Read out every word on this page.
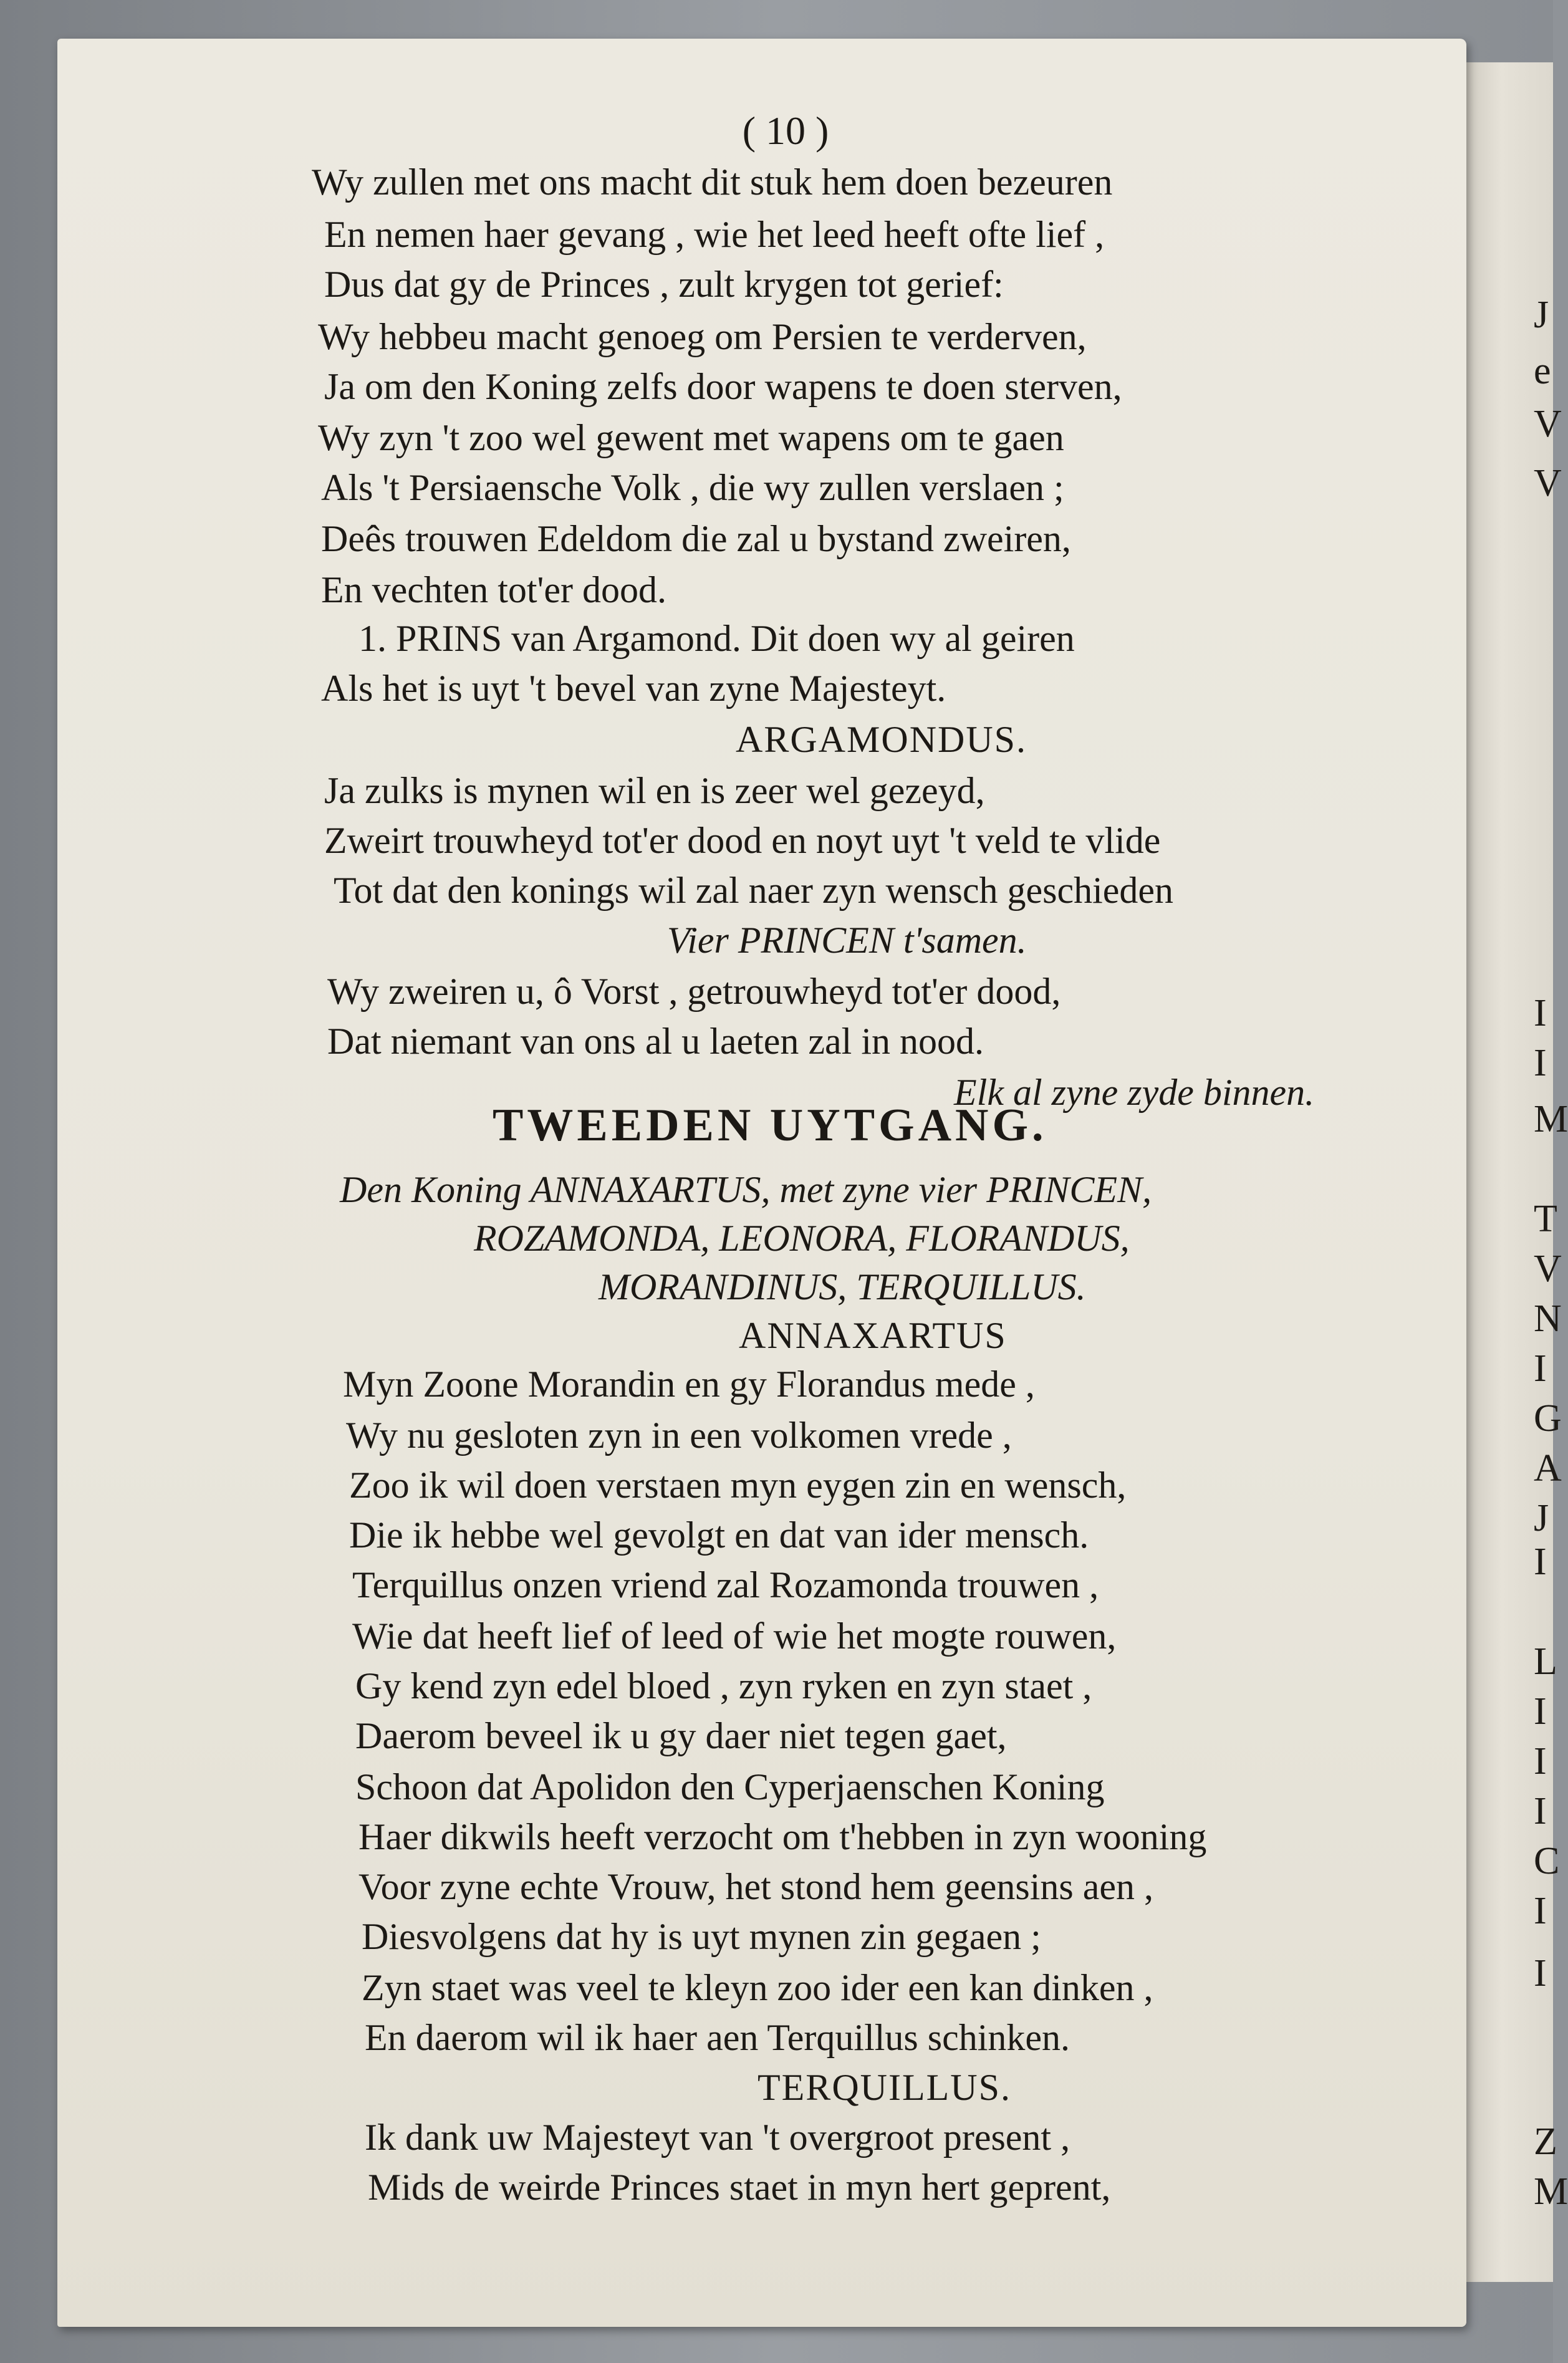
J
e
V
V
I
I
M
T
V
N
I
G
A
J
I
L
I
I
I
C
I
I
Z
M
( 10 )
Wy zullen met ons macht dit stuk hem doen bezeuren
En nemen haer gevang , wie het leed heeft ofte lief ,
Dus dat gy de Princes , zult krygen tot gerief:
Wy hebbeu macht genoeg om Persien te verderven,
Ja om den Koning zelfs door wapens te doen sterven,
Wy zyn 't zoo wel gewent met wapens om te gaen
Als 't Persiaensche Volk , die wy zullen verslaen ;
Deês trouwen Edeldom die zal u bystand zweiren,
En vechten tot'er dood.
1. PRINS van Argamond. Dit doen wy al geiren
Als het is uyt 't bevel van zyne Majesteyt.
ARGAMONDUS.
Ja zulks is mynen wil en is zeer wel gezeyd,
Zweirt trouwheyd tot'er dood en noyt uyt 't veld te vlide
Tot dat den konings wil zal naer zyn wensch geschieden
Vier PRINCEN t'samen.
Wy zweiren u, ô Vorst , getrouwheyd tot'er dood,
Dat niemant van ons al u laeten zal in nood.
Elk al zyne zyde binnen.
TWEEDEN UYTGANG.
Den Koning ANNAXARTUS, met zyne vier PRINCEN,
ROZAMONDA, LEONORA, FLORANDUS,
MORANDINUS, TERQUILLUS.
ANNAXARTUS
Myn Zoone Morandin en gy Florandus mede ,
Wy nu gesloten zyn in een volkomen vrede ,
Zoo ik wil doen verstaen myn eygen zin en wensch,
Die ik hebbe wel gevolgt en dat van ider mensch.
Terquillus onzen vriend zal Rozamonda trouwen ,
Wie dat heeft lief of leed of wie het mogte rouwen,
Gy kend zyn edel bloed , zyn ryken en zyn staet ,
Daerom beveel ik u gy daer niet tegen gaet,
Schoon dat Apolidon den Cyperjaenschen Koning
Haer dikwils heeft verzocht om t'hebben in zyn wooning
Voor zyne echte Vrouw, het stond hem geensins aen ,
Diesvolgens dat hy is uyt mynen zin gegaen ;
Zyn staet was veel te kleyn zoo ider een kan dinken ,
En daerom wil ik haer aen Terquillus schinken.
TERQUILLUS.
Ik dank uw Majesteyt van 't overgroot present ,
Mids de weirde Princes staet in myn hert geprent,
